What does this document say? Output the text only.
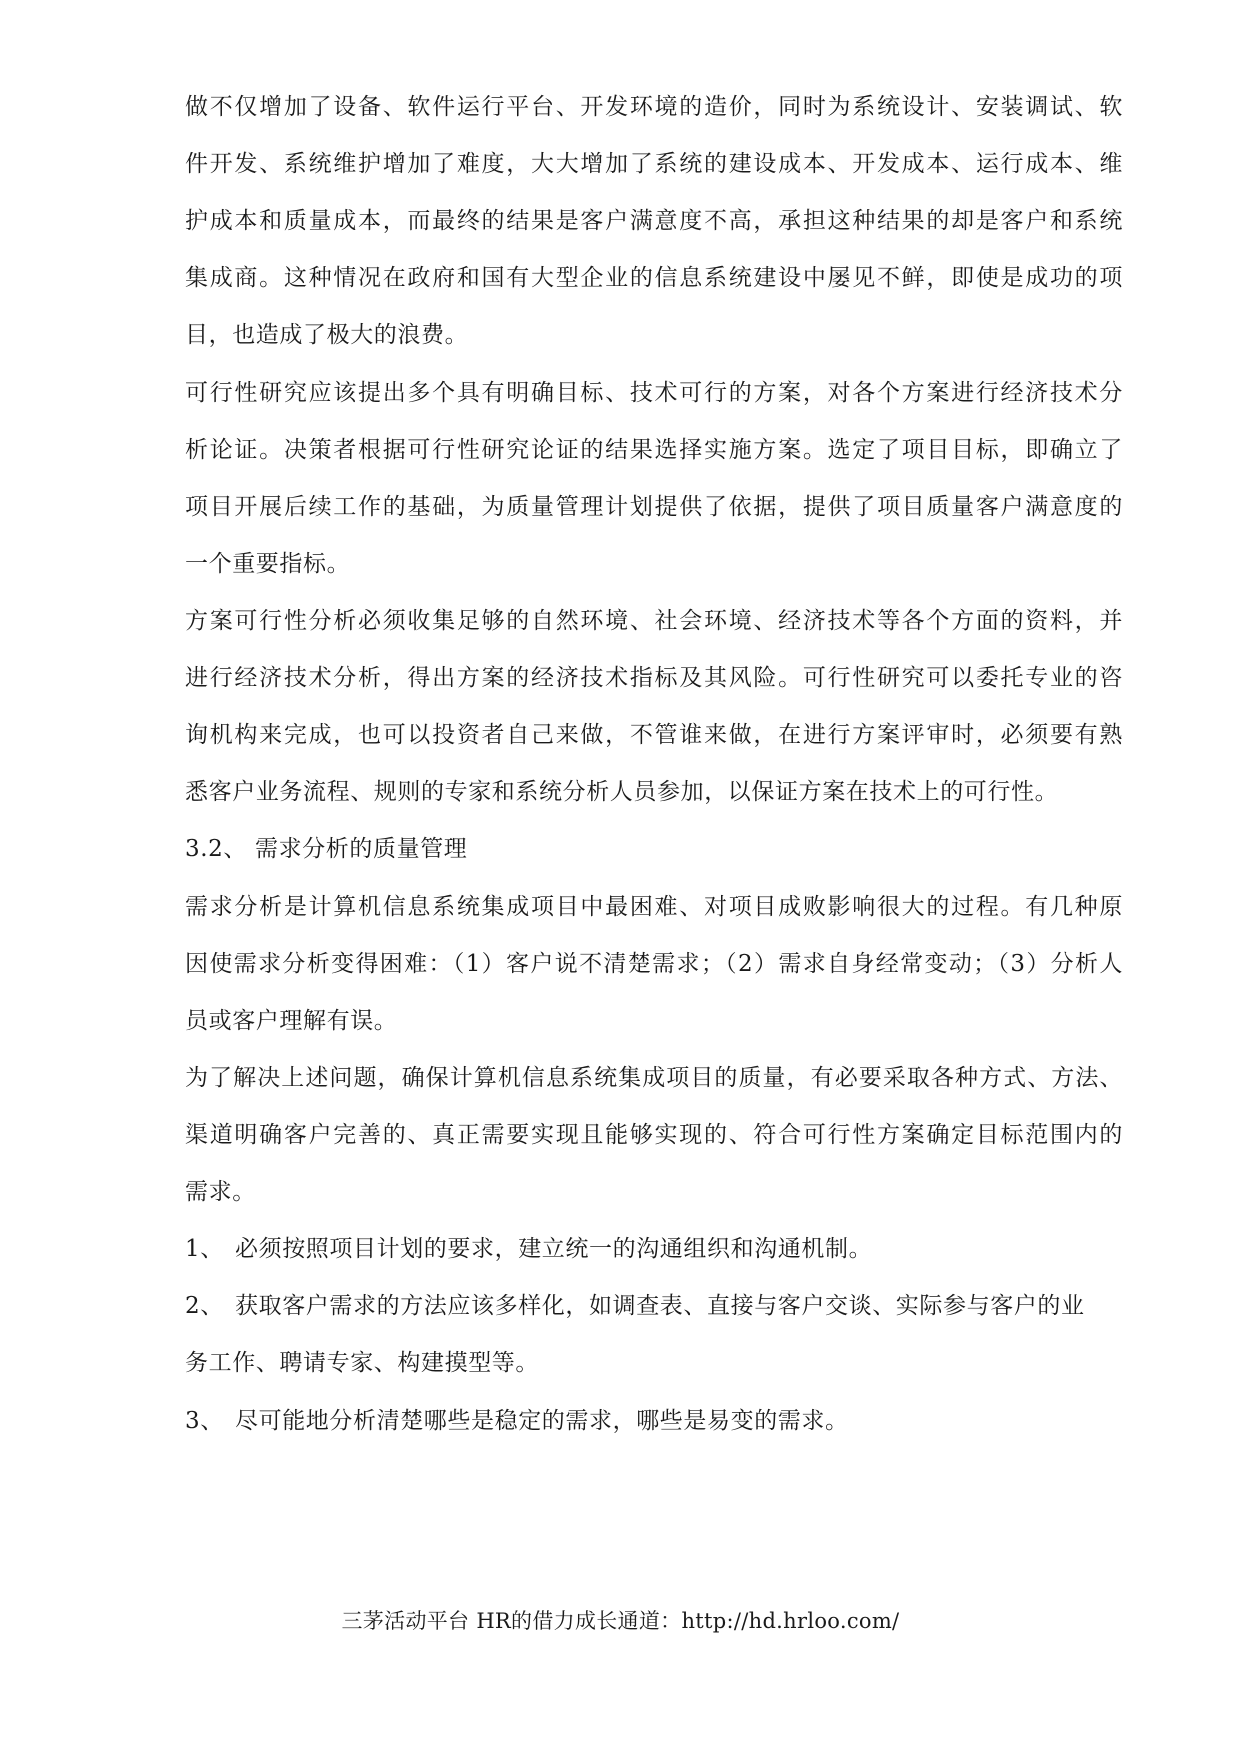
做不仅增加了设备、软件运行平台、开发环境的造价，同时为系统设计、安装调试、软
件开发、系统维护增加了难度，大大增加了系统的建设成本、开发成本、运行成本、维
护成本和质量成本，而最终的结果是客户满意度不高，承担这种结果的却是客户和系统
集成商。这种情况在政府和国有大型企业的信息系统建设中屡见不鲜，即使是成功的项
目，也造成了极大的浪费。
可行性研究应该提出多个具有明确目标、技术可行的方案，对各个方案进行经济技术分
析论证。决策者根据可行性研究论证的结果选择实施方案。选定了项目目标，即确立了
项目开展后续工作的基础，为质量管理计划提供了依据，提供了项目质量客户满意度的
一个重要指标。
方案可行性分析必须收集足够的自然环境、社会环境、经济技术等各个方面的资料，并
进行经济技术分析，得出方案的经济技术指标及其风险。可行性研究可以委托专业的咨
询机构来完成，也可以投资者自己来做，不管谁来做，在进行方案评审时，必须要有熟
悉客户业务流程、规则的专家和系统分析人员参加，以保证方案在技术上的可行性。
3.2、 需求分析的质量管理
需求分析是计算机信息系统集成项目中最困难、对项目成败影响很大的过程。有几种原
因使需求分析变得困难：（1）客户说不清楚需求；（2）需求自身经常变动；（3）分析人
员或客户理解有误。
为了解决上述问题，确保计算机信息系统集成项目的质量，有必要采取各种方式、方法、
渠道明确客户完善的、真正需要实现且能够实现的、符合可行性方案确定目标范围内的
需求。
1、 必须按照项目计划的要求，建立统一的沟通组织和沟通机制。
2、 获取客户需求的方法应该多样化，如调查表、直接与客户交谈、实际参与客户的业
务工作、聘请专家、构建摸型等。
3、 尽可能地分析清楚哪些是稳定的需求，哪些是易变的需求。
三茅活动平台 HR的借力成长通道：http://hd.hrloo.com/
